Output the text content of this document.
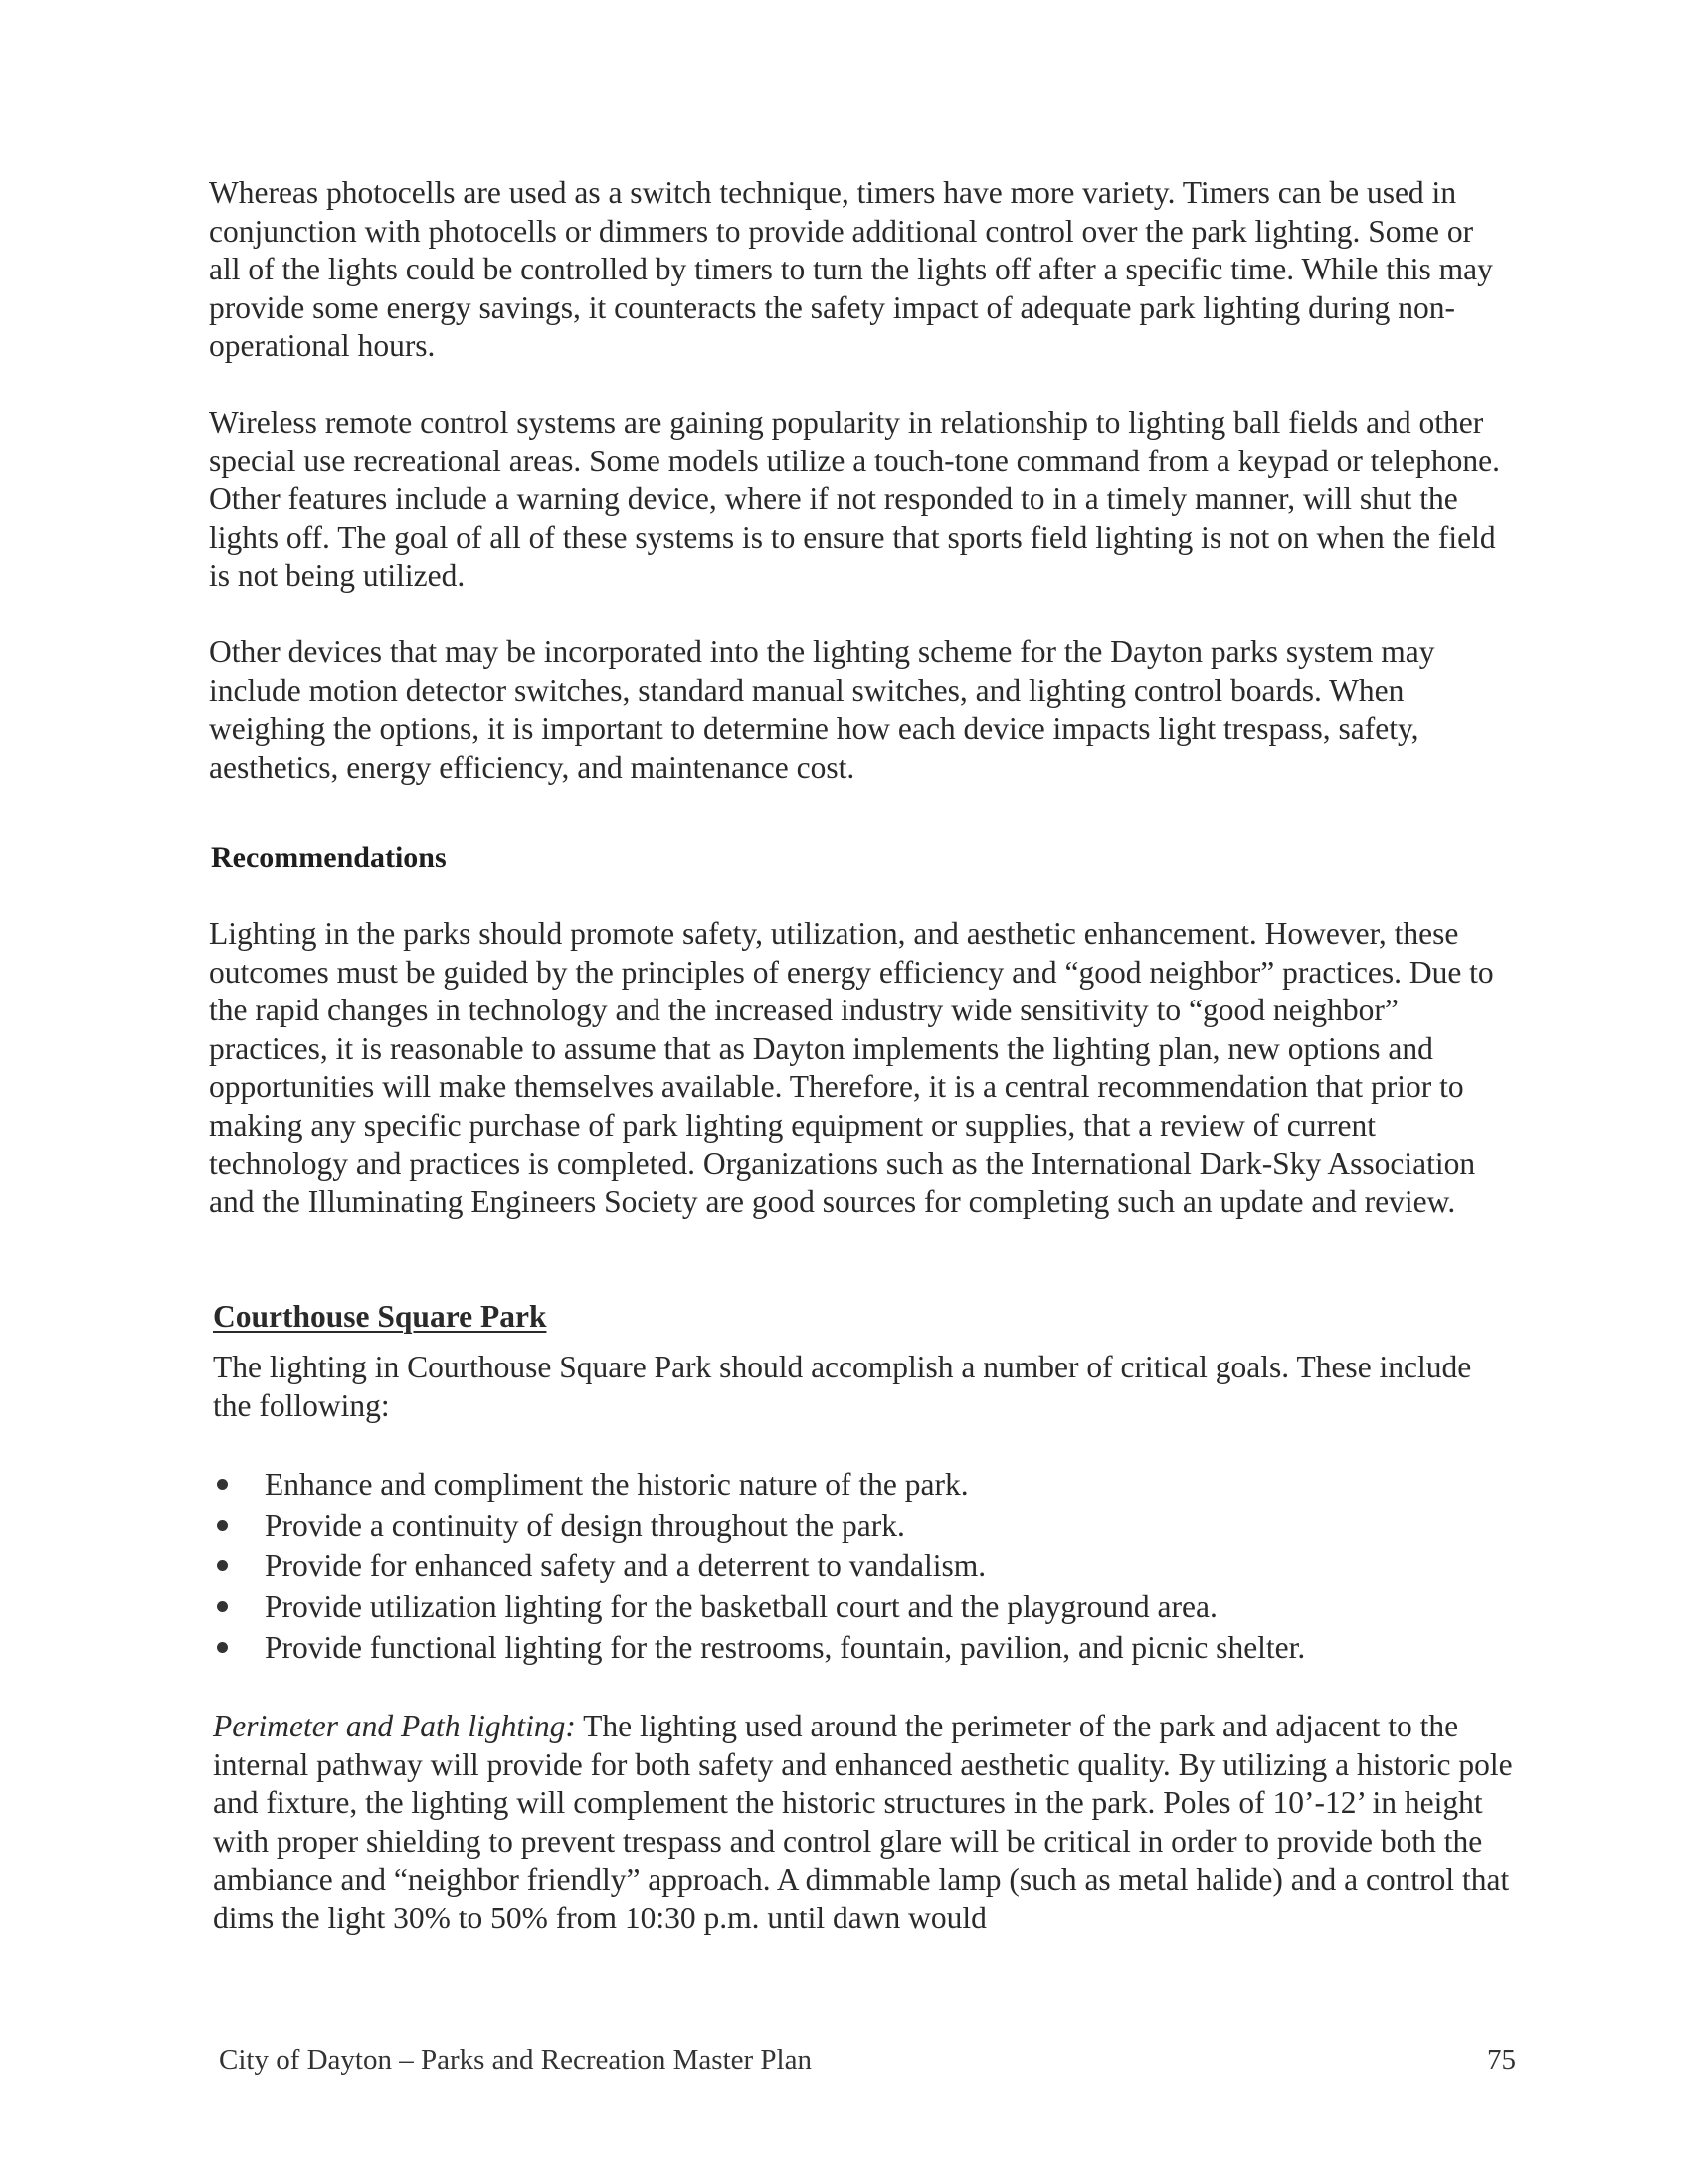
Whereas photocells are used as a switch technique, timers have more variety. Timers can be used in conjunction with photocells or dimmers to provide additional control over the park lighting. Some or all of the lights could be controlled by timers to turn the lights off after a specific time. While this may provide some energy savings, it counteracts the safety impact of adequate park lighting during non-operational hours.

Wireless remote control systems are gaining popularity in relationship to lighting ball fields and other special use recreational areas. Some models utilize a touch-tone command from a keypad or telephone. Other features include a warning device, where if not responded to in a timely manner, will shut the lights off. The goal of all of these systems is to ensure that sports field lighting is not on when the field is not being utilized.

Other devices that may be incorporated into the lighting scheme for the Dayton parks system may include motion detector switches, standard manual switches, and lighting control boards. When weighing the options, it is important to determine how each device impacts light trespass, safety, aesthetics, energy efficiency, and maintenance cost.

Recommendations

Lighting in the parks should promote safety, utilization, and aesthetic enhancement. However, these outcomes must be guided by the principles of energy efficiency and “good neighbor” practices. Due to the rapid changes in technology and the increased industry wide sensitivity to “good neighbor” practices, it is reasonable to assume that as Dayton implements the lighting plan, new options and opportunities will make themselves available. Therefore, it is a central recommendation that prior to making any specific purchase of park lighting equipment or supplies, that a review of current technology and practices is completed. Organizations such as the International Dark-Sky Association and the Illuminating Engineers Society are good sources for completing such an update and review.

Courthouse Square Park

The lighting in Courthouse Square Park should accomplish a number of critical goals. These include the following:

Enhance and compliment the historic nature of the park.
Provide a continuity of design throughout the park.
Provide for enhanced safety and a deterrent to vandalism.
Provide utilization lighting for the basketball court and the playground area.
Provide functional lighting for the restrooms, fountain, pavilion, and picnic shelter.

Perimeter and Path lighting: The lighting used around the perimeter of the park and adjacent to the internal pathway will provide for both safety and enhanced aesthetic quality. By utilizing a historic pole and fixture, the lighting will complement the historic structures in the park. Poles of 10’-12’ in height with proper shielding to prevent trespass and control glare will be critical in order to provide both the ambiance and “neighbor friendly” approach. A dimmable lamp (such as metal halide) and a control that dims the light 30% to 50% from 10:30 p.m. until dawn would

City of Dayton – Parks and Recreation Master Plan	75
